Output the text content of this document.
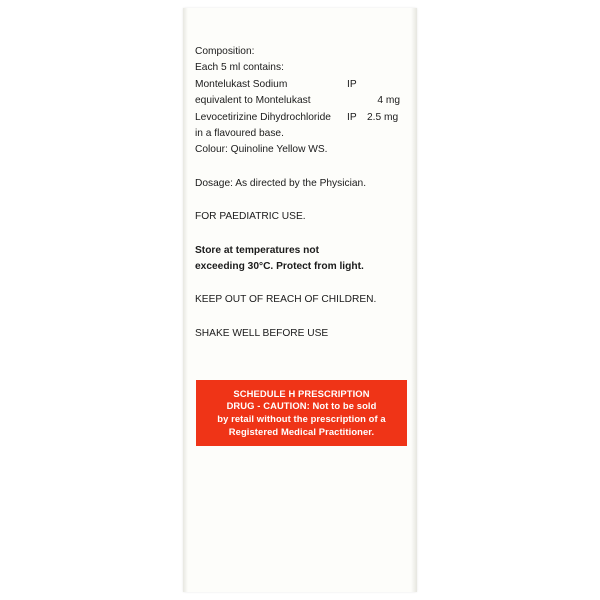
Composition:
Each 5 ml contains:
Montelukast Sodium	IP
equivalent to Montelukast	4 mg
Levocetirizine Dihydrochloride IP 2.5 mg
in a flavoured base.
Colour: Quinoline Yellow WS.
Dosage: As directed by the Physician.
FOR PAEDIATRIC USE.
Store at temperatures not
exceeding 30°C. Protect from light.
KEEP OUT OF REACH OF CHILDREN.
SHAKE WELL BEFORE USE
SCHEDULE H PRESCRIPTION
DRUG - CAUTION: Not to be sold
by retail without the prescription of a
Registered Medical Practitioner.
